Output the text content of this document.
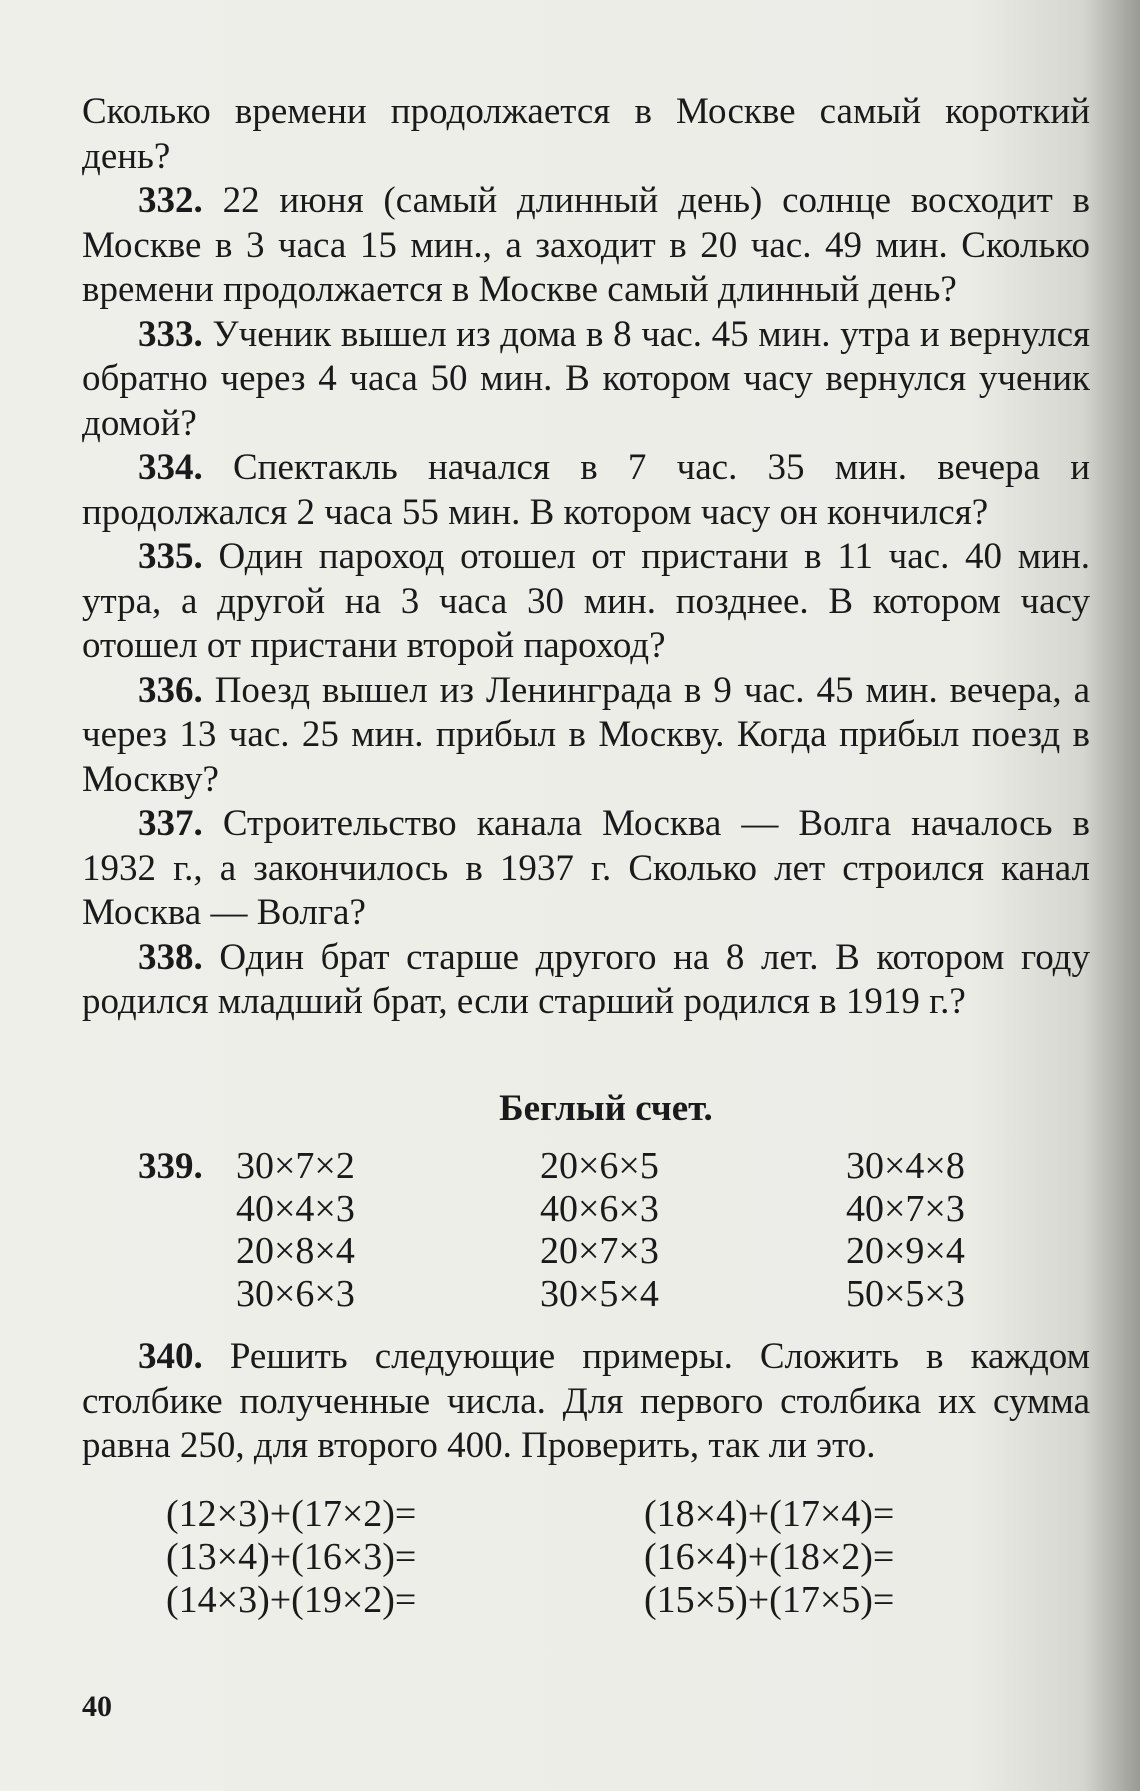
Сколько времени продолжается в Москве самый короткий день?

332. 22 июня (самый длинный день) солнце восходит в Москве в 3 часа 15 мин., а заходит в 20 час. 49 мин. Сколько времени продолжается в Москве самый длинный день?

333. Ученик вышел из дома в 8 час. 45 мин. утра и вернулся обратно через 4 часа 50 мин. В котором часу вернулся ученик домой?

334. Спектакль начался в 7 час. 35 мин. вечера и продолжался 2 часа 55 мин. В котором часу он кончился?

335. Один пароход отошел от пристани в 11 час. 40 мин. утра, а другой на 3 часа 30 мин. позднее. В котором часу отошел от пристани второй пароход?

336. Поезд вышел из Ленинграда в 9 час. 45 мин. вечера, а через 13 час. 25 мин. прибыл в Москву. Когда прибыл поезд в Москву?

337. Строительство канала Москва — Волга началось в 1932 г., а закончилось в 1937 г. Сколько лет строился канал Москва — Волга?

338. Один брат старше другого на 8 лет. В котором году родился младший брат, если старший родился в 1919 г.?

Беглый счет.

339. 30×7×2
40×4×3
20×8×4
30×6×3
20×6×5
40×6×3
20×7×3
30×5×4
30×4×8
40×7×3
20×9×4
50×5×3

340. Решить следующие примеры. Сложить в каждом столбике полученные числа. Для первого столбика их сумма равна 250, для второго 400. Проверить, так ли это.

(12×3)+(17×2)=
(13×4)+(16×3)=
(14×3)+(19×2)=
(18×4)+(17×4)=
(16×4)+(18×2)=
(15×5)+(17×5)=
40
